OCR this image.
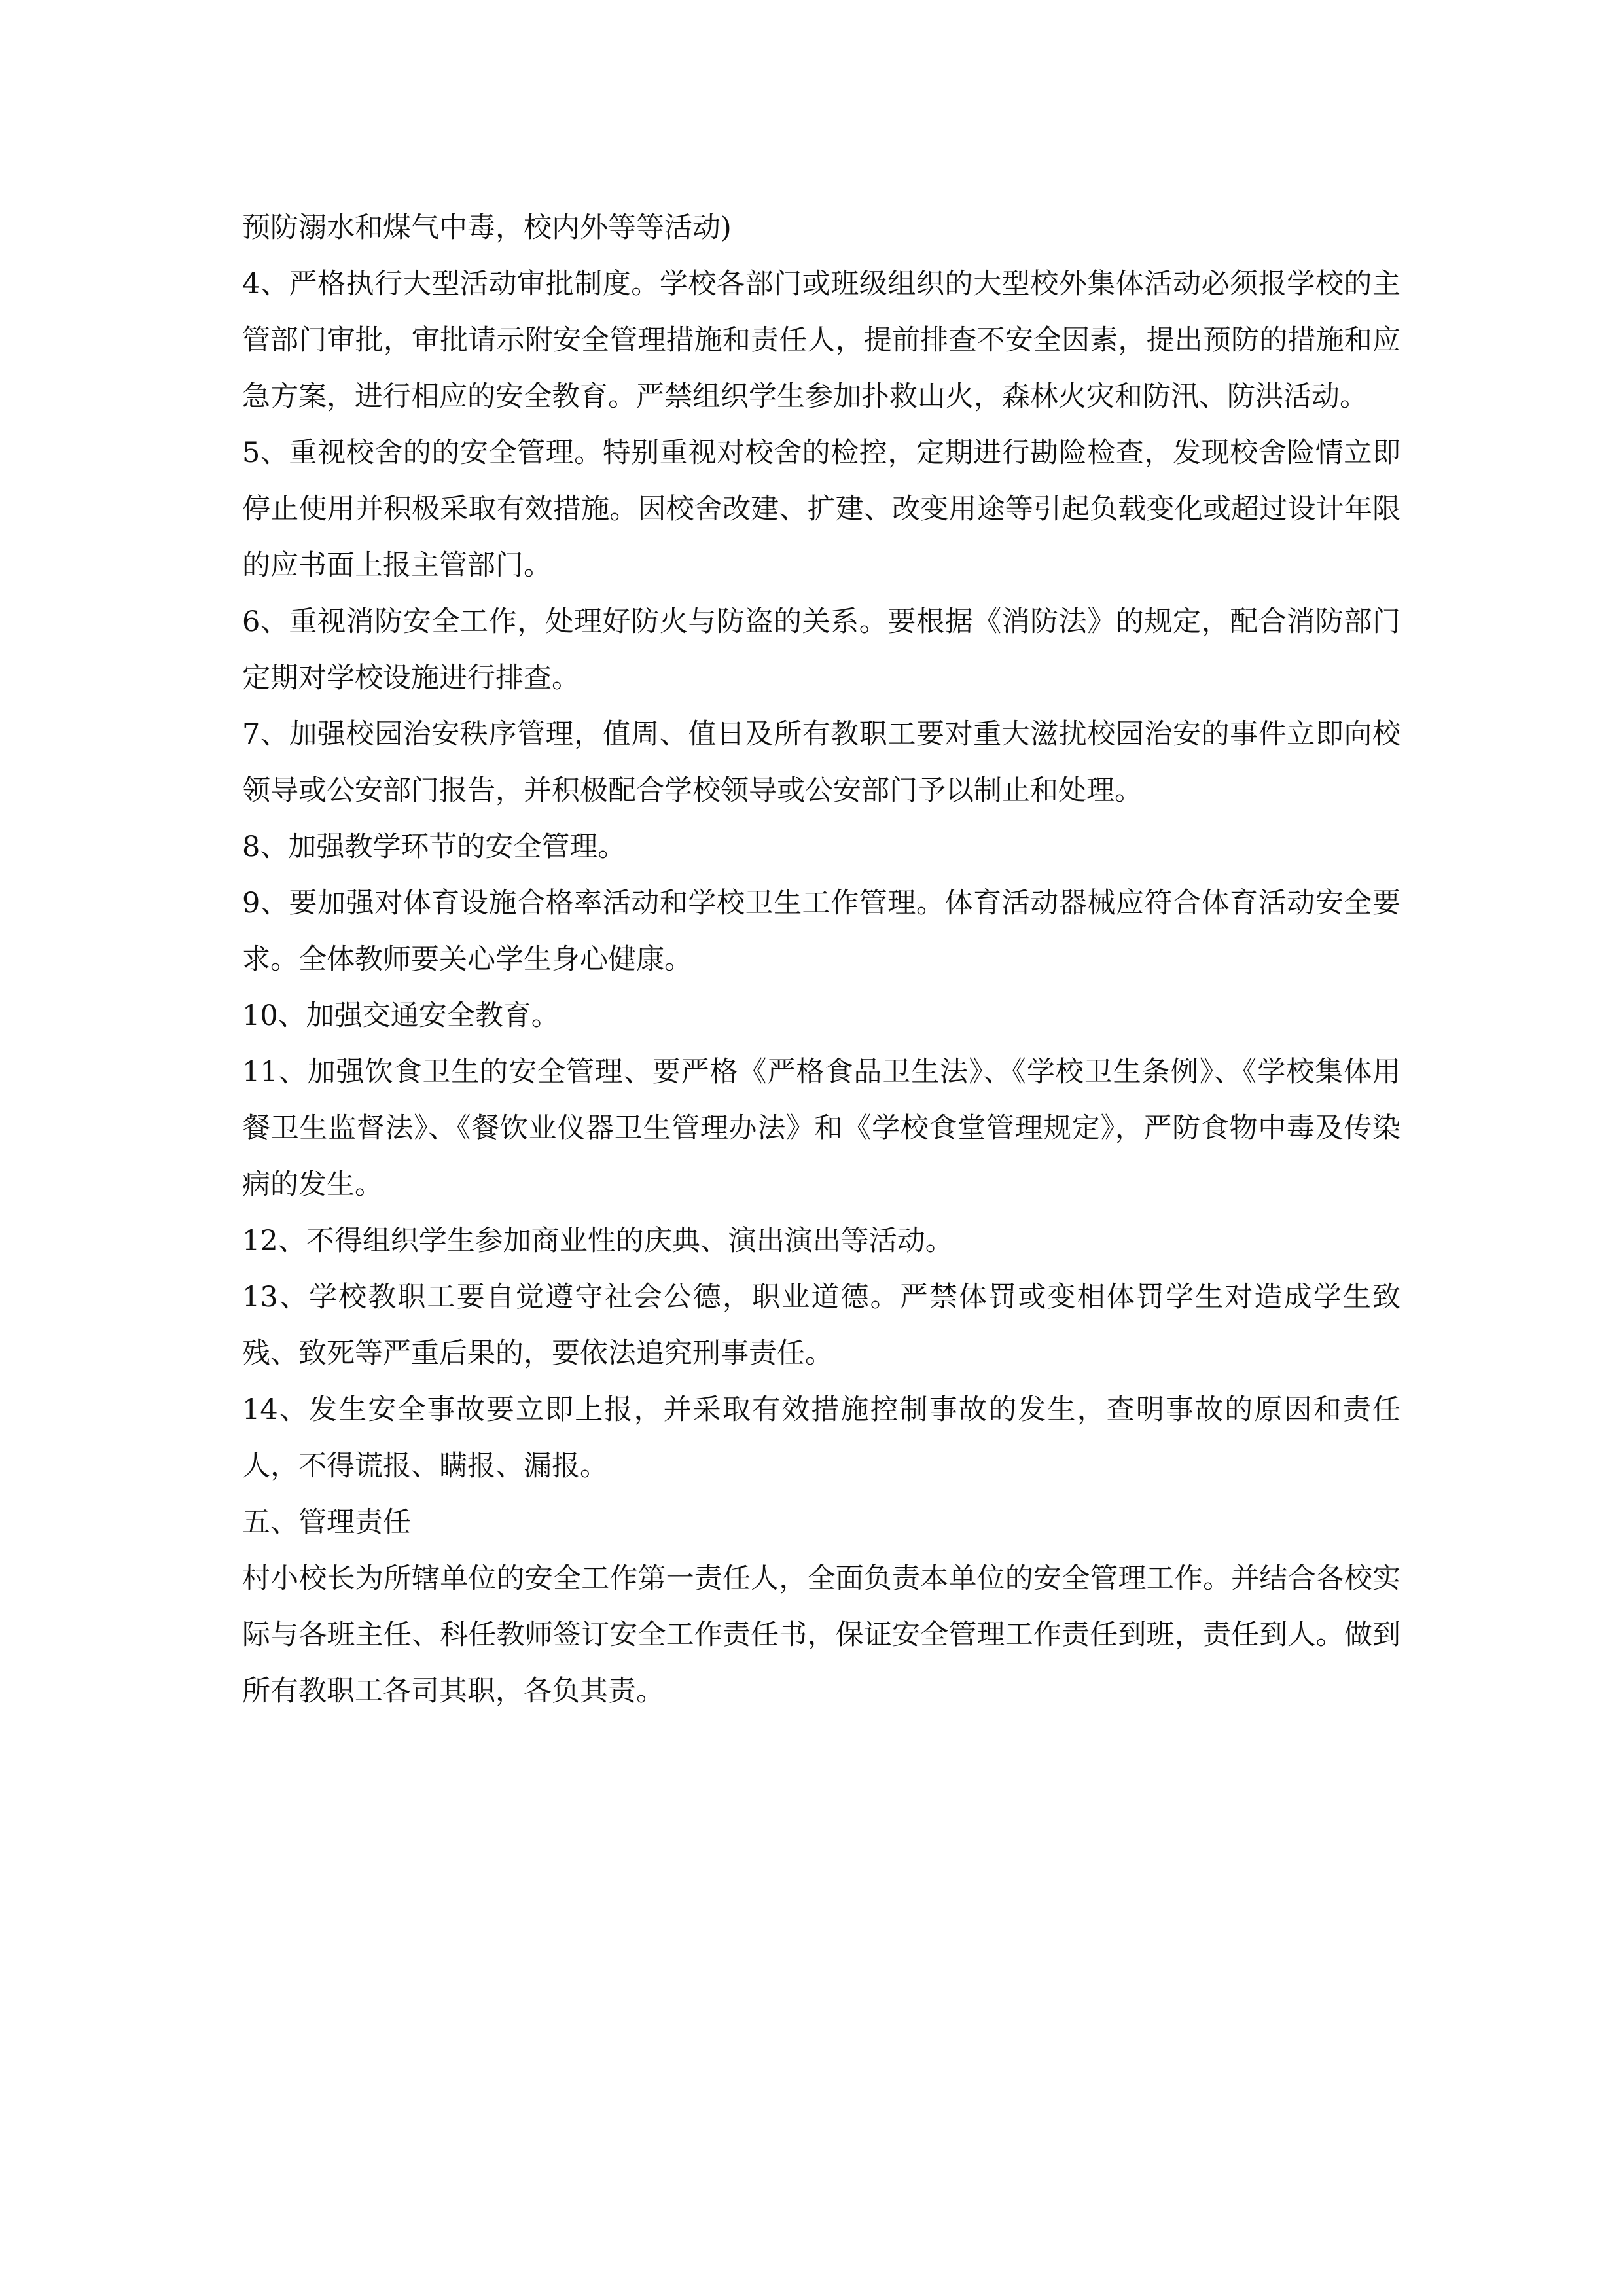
预防溺水和煤气中毒，校内外等等活动)

4、严格执行大型活动审批制度。学校各部门或班级组织的大型校外集体活动必须报学校的主管部门审批，审批请示附安全管理措施和责任人，提前排查不安全因素，提出预防的措施和应急方案，进行相应的安全教育。严禁组织学生参加扑救山火，森林火灾和防汛、防洪活动。

5、重视校舍的的安全管理。特别重视对校舍的检控，定期进行勘险检查，发现校舍险情立即停止使用并积极采取有效措施。因校舍改建、扩建、改变用途等引起负载变化或超过设计年限的应书面上报主管部门。

6、重视消防安全工作，处理好防火与防盗的关系。要根据《消防法》的规定，配合消防部门定期对学校设施进行排查。

7、加强校园治安秩序管理，值周、值日及所有教职工要对重大滋扰校园治安的事件立即向校领导或公安部门报告，并积极配合学校领导或公安部门予以制止和处理。

8、加强教学环节的安全管理。

9、要加强对体育设施合格率活动和学校卫生工作管理。体育活动器械应符合体育活动安全要求。全体教师要关心学生身心健康。

10、加强交通安全教育。

11、加强饮食卫生的安全管理、要严格《严格食品卫生法》、《学校卫生条例》、《学校集体用餐卫生监督法》、《餐饮业仪器卫生管理办法》和《学校食堂管理规定》，严防食物中毒及传染病的发生。

12、不得组织学生参加商业性的庆典、演出演出等活动。

13、学校教职工要自觉遵守社会公德，职业道德。严禁体罚或变相体罚学生对造成学生致残、致死等严重后果的，要依法追究刑事责任。

14、发生安全事故要立即上报，并采取有效措施控制事故的发生，查明事故的原因和责任人，不得谎报、瞒报、漏报。

五、管理责任

村小校长为所辖单位的安全工作第一责任人，全面负责本单位的安全管理工作。并结合各校实际与各班主任、科任教师签订安全工作责任书，保证安全管理工作责任到班，责任到人。做到所有教职工各司其职，各负其责。
